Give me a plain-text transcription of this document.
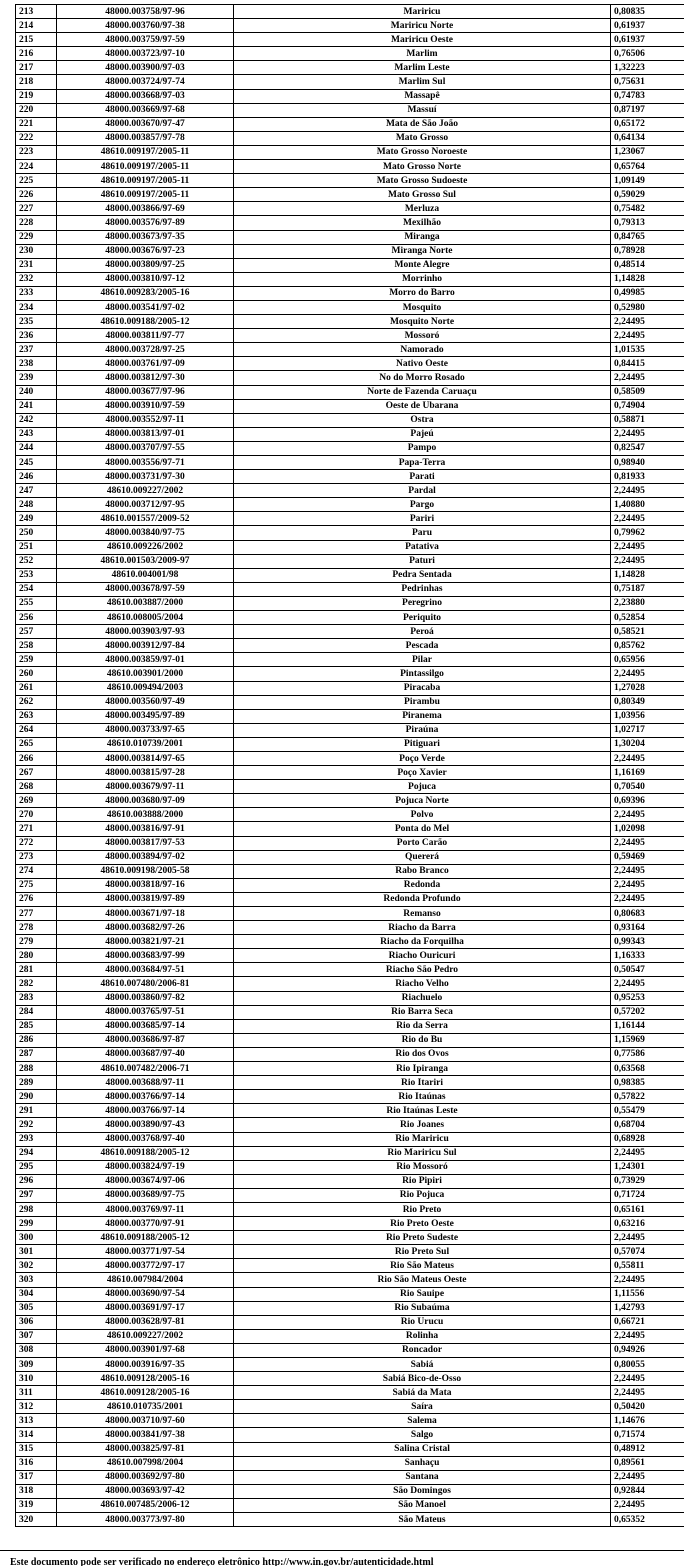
213	48000.003758/97-96	Mariricu	0,80835
214	48000.003760/97-38	Mariricu Norte	0,61937
215	48000.003759/97-59	Mariricu Oeste	0,61937
216	48000.003723/97-10	Marlim	0,76506
217	48000.003900/97-03	Marlim Leste	1,32223
218	48000.003724/97-74	Marlim Sul	0,75631
219	48000.003668/97-03	Massapê	0,74783
220	48000.003669/97-68	Massuí	0,87197
221	48000.003670/97-47	Mata de São João	0,65172
222	48000.003857/97-78	Mato Grosso	0,64134
223	48610.009197/2005-11	Mato Grosso Noroeste	1,23067
224	48610.009197/2005-11	Mato Grosso Norte	0,65764
225	48610.009197/2005-11	Mato Grosso Sudoeste	1,09149
226	48610.009197/2005-11	Mato Grosso Sul	0,59029
227	48000.003866/97-69	Merluza	0,75482
228	48000.003576/97-89	Mexilhão	0,79313
229	48000.003673/97-35	Miranga	0,84765
230	48000.003676/97-23	Miranga Norte	0,78928
231	48000.003809/97-25	Monte Alegre	0,48514
232	48000.003810/97-12	Morrinho	1,14828
233	48610.009283/2005-16	Morro do Barro	0,49985
234	48000.003541/97-02	Mosquito	0,52980
235	48610.009188/2005-12	Mosquito Norte	2,24495
236	48000.003811/97-77	Mossoró	2,24495
237	48000.003728/97-25	Namorado	1,01535
238	48000.003761/97-09	Nativo Oeste	0,84415
239	48000.003812/97-30	No do Morro Rosado	2,24495
240	48000.003677/97-96	Norte de Fazenda Caruaçu	0,58509
241	48000.003910/97-59	Oeste de Ubarana	0,74904
242	48000.003552/97-11	Ostra	0,58871
243	48000.003813/97-01	Pajeú	2,24495
244	48000.003707/97-55	Pampo	0,82547
245	48000.003556/97-71	Papa-Terra	0,98940
246	48000.003731/97-30	Parati	0,81933
247	48610.009227/2002	Pardal	2,24495
248	48000.003712/97-95	Pargo	1,40880
249	48610.001557/2009-52	Pariri	2,24495
250	48000.003840/97-75	Paru	0,79962
251	48610.009226/2002	Patativa	2,24495
252	48610.001503/2009-97	Paturi	2,24495
253	48610.004001/98	Pedra Sentada	1,14828
254	48000.003678/97-59	Pedrinhas	0,75187
255	48610.003887/2000	Peregrino	2,23880
256	48610.008005/2004	Periquito	0,52854
257	48000.003903/97-93	Peroá	0,58521
258	48000.003912/97-84	Pescada	0,85762
259	48000.003859/97-01	Pilar	0,65956
260	48610.003901/2000	Pintassilgo	2,24495
261	48610.009494/2003	Piracaba	1,27028
262	48000.003560/97-49	Pirambu	0,80349
263	48000.003495/97-89	Piranema	1,03956
264	48000.003733/97-65	Piraúna	1,02717
265	48610.010739/2001	Pitiguari	1,30204
266	48000.003814/97-65	Poço Verde	2,24495
267	48000.003815/97-28	Poço Xavier	1,16169
268	48000.003679/97-11	Pojuca	0,70540
269	48000.003680/97-09	Pojuca Norte	0,69396
270	48610.003888/2000	Polvo	2,24495
271	48000.003816/97-91	Ponta do Mel	1,02098
272	48000.003817/97-53	Porto Carão	2,24495
273	48000.003894/97-02	Quererá	0,59469
274	48610.009198/2005-58	Rabo Branco	2,24495
275	48000.003818/97-16	Redonda	2,24495
276	48000.003819/97-89	Redonda Profundo	2,24495
277	48000.003671/97-18	Remanso	0,80683
278	48000.003682/97-26	Riacho da Barra	0,93164
279	48000.003821/97-21	Riacho da Forquilha	0,99343
280	48000.003683/97-99	Riacho Ouricuri	1,16333
281	48000.003684/97-51	Riacho São Pedro	0,50547
282	48610.007480/2006-81	Riacho Velho	2,24495
283	48000.003860/97-82	Riachuelo	0,95253
284	48000.003765/97-51	Rio Barra Seca	0,57202
285	48000.003685/97-14	Rio da Serra	1,16144
286	48000.003686/97-87	Rio do Bu	1,15969
287	48000.003687/97-40	Rio dos Ovos	0,77586
288	48610.007482/2006-71	Rio Ipiranga	0,63568
289	48000.003688/97-11	Rio Itariri	0,98385
290	48000.003766/97-14	Rio Itaúnas	0,57822
291	48000.003766/97-14	Rio Itaúnas Leste	0,55479
292	48000.003890/97-43	Rio Joanes	0,68704
293	48000.003768/97-40	Rio Mariricu	0,68928
294	48610.009188/2005-12	Rio Mariricu Sul	2,24495
295	48000.003824/97-19	Rio Mossoró	1,24301
296	48000.003674/97-06	Rio Pipiri	0,73929
297	48000.003689/97-75	Rio Pojuca	0,71724
298	48000.003769/97-11	Rio Preto	0,65161
299	48000.003770/97-91	Rio Preto Oeste	0,63216
300	48610.009188/2005-12	Rio Preto Sudeste	2,24495
301	48000.003771/97-54	Rio Preto Sul	0,57074
302	48000.003772/97-17	Rio São Mateus	0,55811
303	48610.007984/2004	Rio São Mateus Oeste	2,24495
304	48000.003690/97-54	Rio Sauipe	1,11556
305	48000.003691/97-17	Rio Subaúma	1,42793
306	48000.003628/97-81	Rio Urucu	0,66721
307	48610.009227/2002	Rolinha	2,24495
308	48000.003901/97-68	Roncador	0,94926
309	48000.003916/97-35	Sabiá	0,80055
310	48610.009128/2005-16	Sabiá Bico-de-Osso	2,24495
311	48610.009128/2005-16	Sabiá da Mata	2,24495
312	48610.010735/2001	Saíra	0,50420
313	48000.003710/97-60	Salema	1,14676
314	48000.003841/97-38	Salgo	0,71574
315	48000.003825/97-81	Salina Cristal	0,48912
316	48610.007998/2004	Sanhaçu	0,89561
317	48000.003692/97-80	Santana	2,24495
318	48000.003693/97-42	São Domingos	0,92844
319	48610.007485/2006-12	São Manoel	2,24495
320	48000.003773/97-80	São Mateus	0,65352
Este documento pode ser verificado no endereço eletrônico http://www.in.gov.br/autenticidade.html
